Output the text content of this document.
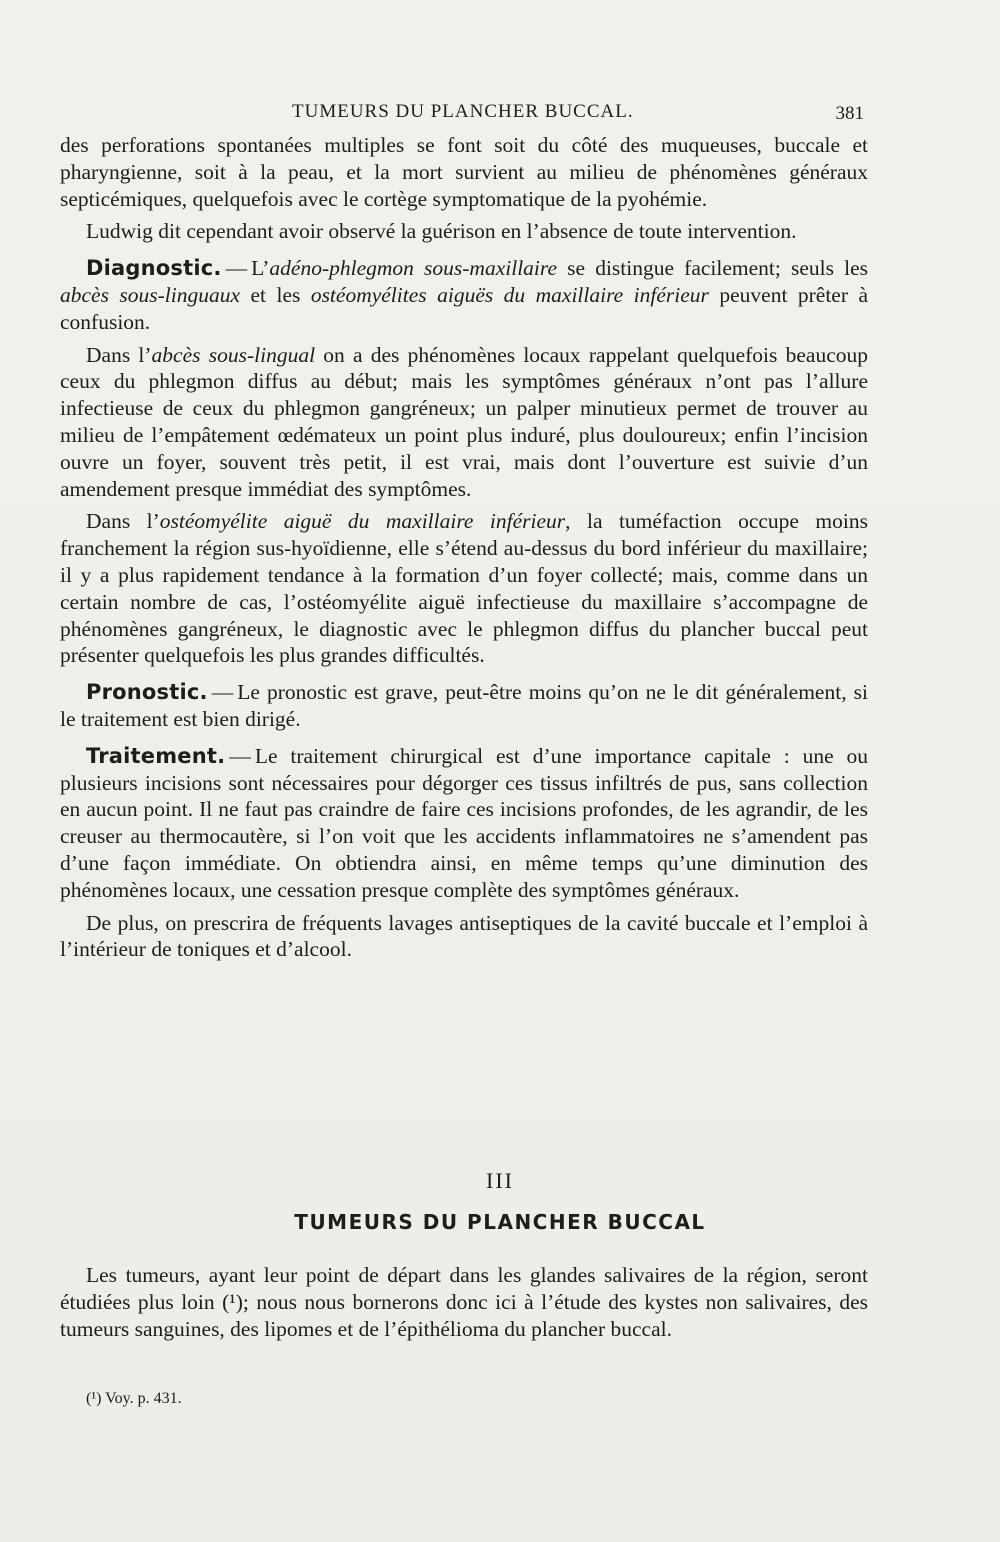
TUMEURS DU PLANCHER BUCCAL.	381

des perforations spontanées multiples se font soit du côté des muqueuses, buccale et pharyngienne, soit à la peau, et la mort survient au milieu de phénomènes généraux septicémiques, quelquefois avec le cortège symptomatique de la pyohémie.

Ludwig dit cependant avoir observé la guérison en l’absence de toute intervention.

Diagnostic. — L’adéno-phlegmon sous-maxillaire se distingue facilement; seuls les abcès sous-linguaux et les ostéomyélites aiguës du maxillaire inférieur peuvent prêter à confusion.

Dans l’abcès sous-lingual on a des phénomènes locaux rappelant quelquefois beaucoup ceux du phlegmon diffus au début; mais les symptômes généraux n’ont pas l’allure infectieuse de ceux du phlegmon gangréneux; un palper minutieux permet de trouver au milieu de l’empâtement œdémateux un point plus induré, plus douloureux; enfin l’incision ouvre un foyer, souvent très petit, il est vrai, mais dont l’ouverture est suivie d’un amendement presque immédiat des symptômes.

Dans l’ostéomyélite aiguë du maxillaire inférieur, la tuméfaction occupe moins franchement la région sus-hyoïdienne, elle s’étend au-dessus du bord inférieur du maxillaire; il y a plus rapidement tendance à la formation d’un foyer collecté; mais, comme dans un certain nombre de cas, l’ostéomyélite aiguë infectieuse du maxillaire s’accompagne de phénomènes gangréneux, le diagnostic avec le phlegmon diffus du plancher buccal peut présenter quelquefois les plus grandes difficultés.

Pronostic. — Le pronostic est grave, peut-être moins qu’on ne le dit généralement, si le traitement est bien dirigé.

Traitement. — Le traitement chirurgical est d’une importance capitale : une ou plusieurs incisions sont nécessaires pour dégorger ces tissus infiltrés de pus, sans collection en aucun point. Il ne faut pas craindre de faire ces incisions profondes, de les agrandir, de les creuser au thermocautère, si l’on voit que les accidents inflammatoires ne s’amendent pas d’une façon immédiate. On obtiendra ainsi, en même temps qu’une diminution des phénomènes locaux, une cessation presque complète des symptômes généraux.

De plus, on prescrira de fréquents lavages antiseptiques de la cavité buccale et l’emploi à l’intérieur de toniques et d’alcool.

III
TUMEURS DU PLANCHER BUCCAL

Les tumeurs, ayant leur point de départ dans les glandes salivaires de la région, seront étudiées plus loin (¹); nous nous bornerons donc ici à l’étude des kystes non salivaires, des tumeurs sanguines, des lipomes et de l’épithélioma du plancher buccal.

(¹) Voy. p. 431.
